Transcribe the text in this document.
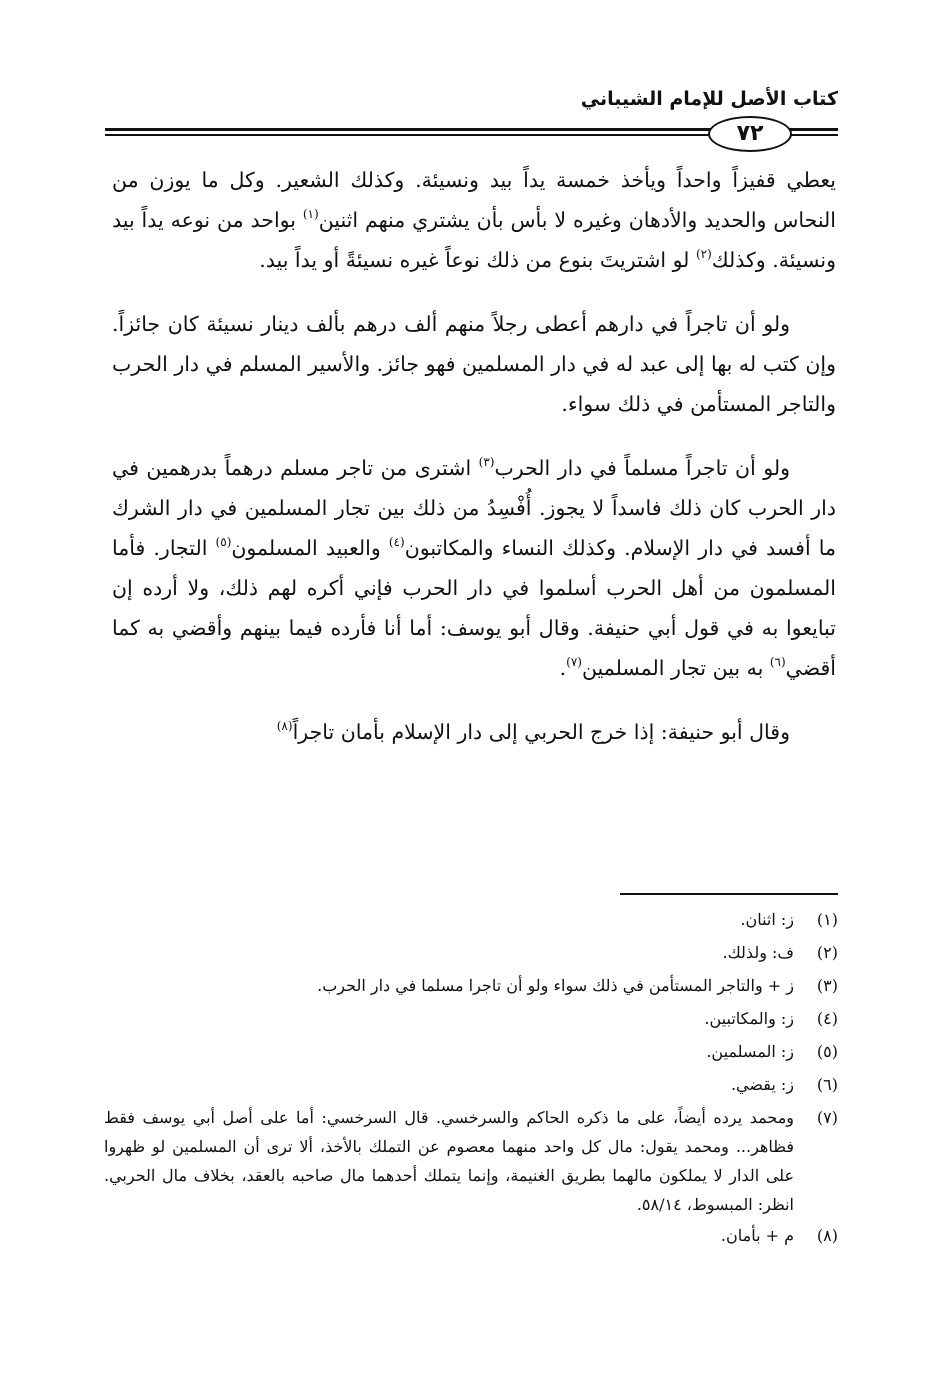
كتاب الأصل للإمام الشيباني
٧٢

يعطي قفيزاً واحداً ويأخذ خمسة يداً بيد ونسيئة. وكذلك الشعير. وكل ما يوزن من النحاس والحديد والأدهان وغيره لا بأس بأن يشتري منهم اثنين$^{(١)}$ بواحد من نوعه يداً بيد ونسيئة. وكذلك$^{(٢)}$ لو اشتريتَ بنوع من ذلك نوعاً غيره نسيئةً أو يداً بيد.

ولو أن تاجراً في دارهم أعطى رجلاً منهم ألف درهم بألف دينار نسيئة كان جائزاً. وإن كتب له بها إلى عبد له في دار المسلمين فهو جائز. والأسير المسلم في دار الحرب والتاجر المستأمن في ذلك سواء.

ولو أن تاجراً مسلماً في دار الحرب$^{(٣)}$ اشترى من تاجر مسلم درهماً بدرهمين في دار الحرب كان ذلك فاسداً لا يجوز. أُفْسِدُ من ذلك بين تجار المسلمين في دار الشرك ما أفسد في دار الإسلام. وكذلك النساء والمكاتبون$^{(٤)}$ والعبيد المسلمون$^{(٥)}$ التجار. فأما المسلمون من أهل الحرب أسلموا في دار الحرب فإني أكره لهم ذلك، ولا أرده إن تبايعوا به في قول أبي حنيفة. وقال أبو يوسف: أما أنا فأرده فيما بينهم وأقضي به كما أقضي$^{(٦)}$ به بين تجار المسلمين$^{(٧)}$.

وقال أبو حنيفة: إذا خرج الحربي إلى دار الإسلام بأمان تاجراً$^{(٨)}$

(١)
ز: اثنان.
(٢)
ف: ولذلك.
(٣)
ز + والتاجر المستأمن في ذلك سواء ولو أن تاجرا مسلما في دار الحرب.
(٤)
ز: والمكاتبين.
(٥)
ز: المسلمين.
(٦)
ز: يقضي.
(٧)
ومحمد يرده أيضاً، على ما ذكره الحاكم والسرخسي. قال السرخسي: أما على أصل أبي يوسف فقط فظاهر... ومحمد يقول: مال كل واحد منهما معصوم عن التملك بالأخذ، ألا ترى أن المسلمين لو ظهروا على الدار لا يملكون مالهما بطريق الغنيمة، وإنما يتملك أحدهما مال صاحبه بالعقد، بخلاف مال الحربي. انظر: المبسوط، ٥٨/١٤.
(٨)
م + بأمان.
